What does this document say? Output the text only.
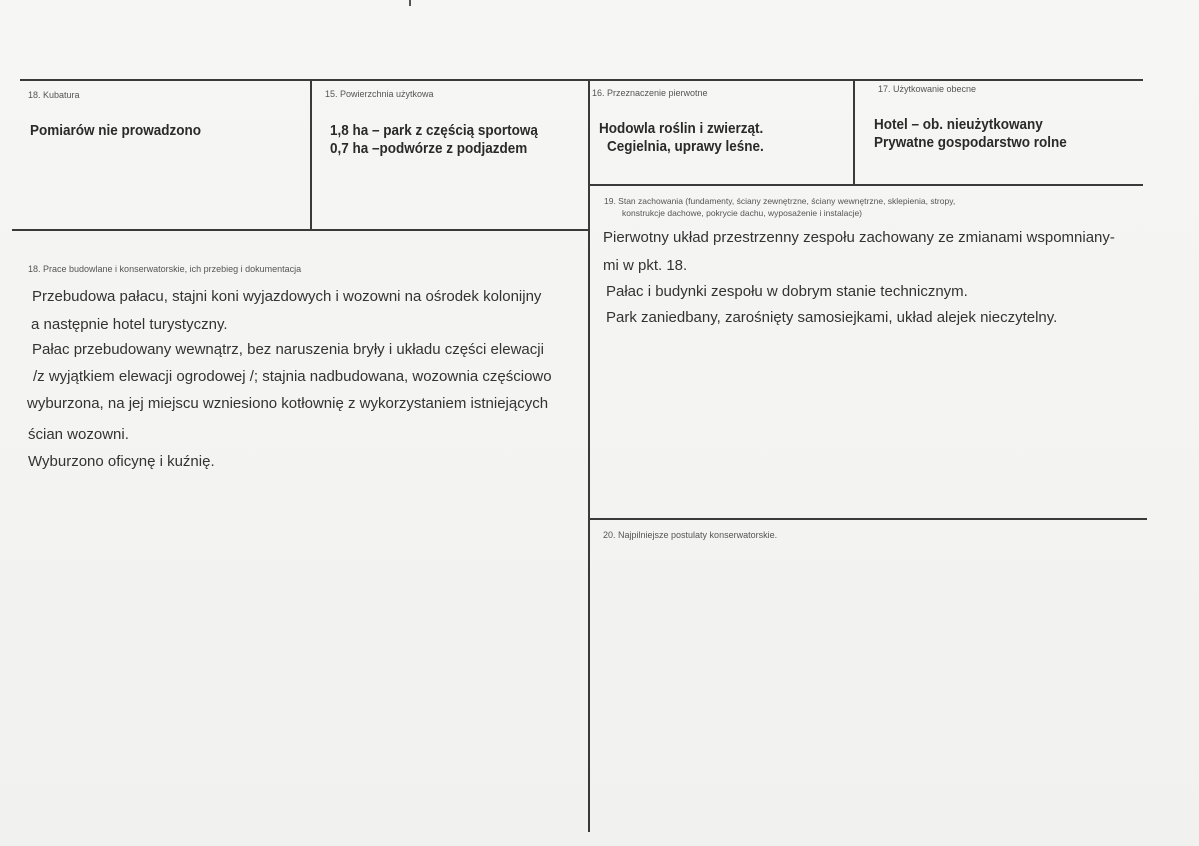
18. Kubatura
Pomiarów nie prowadzono
15. Powierzchnia użytkowa
1,8 ha – park z częścią sportową
0,7 ha –podwórze z podjazdem
16. Przeznaczenie pierwotne
Hodowla roślin i zwierząt.
Cegielnia, uprawy leśne.
17. Użytkowanie obecne
Hotel – ob. nieużytkowany
Prywatne gospodarstwo rolne
19. Stan zachowania (fundamenty, ściany zewnętrzne, ściany wewnętrzne, sklepienia, stropy,
konstrukcje dachowe, pokrycie dachu, wyposażenie i instalacje)
Pierwotny układ przestrzenny zespołu zachowany ze zmianami wspomniany-
mi w pkt. 18.
Pałac i budynki zespołu w dobrym stanie technicznym.
Park zaniedbany, zarośnięty samosiejkami, układ alejek nieczytelny.
18. Prace budowlane i konserwatorskie, ich przebieg i dokumentacja
Przebudowa pałacu, stajni koni wyjazdowych i wozowni na ośrodek kolonijny
a następnie hotel turystyczny.
Pałac przebudowany wewnątrz, bez naruszenia bryły i układu części elewacji
/z wyjątkiem elewacji ogrodowej /; stajnia nadbudowana, wozownia częściowo
wyburzona, na jej miejscu wzniesiono kotłownię z wykorzystaniem istniejących
ścian wozowni.
Wyburzono oficynę i kuźnię.
20. Najpilniejsze postulaty konserwatorskie.
